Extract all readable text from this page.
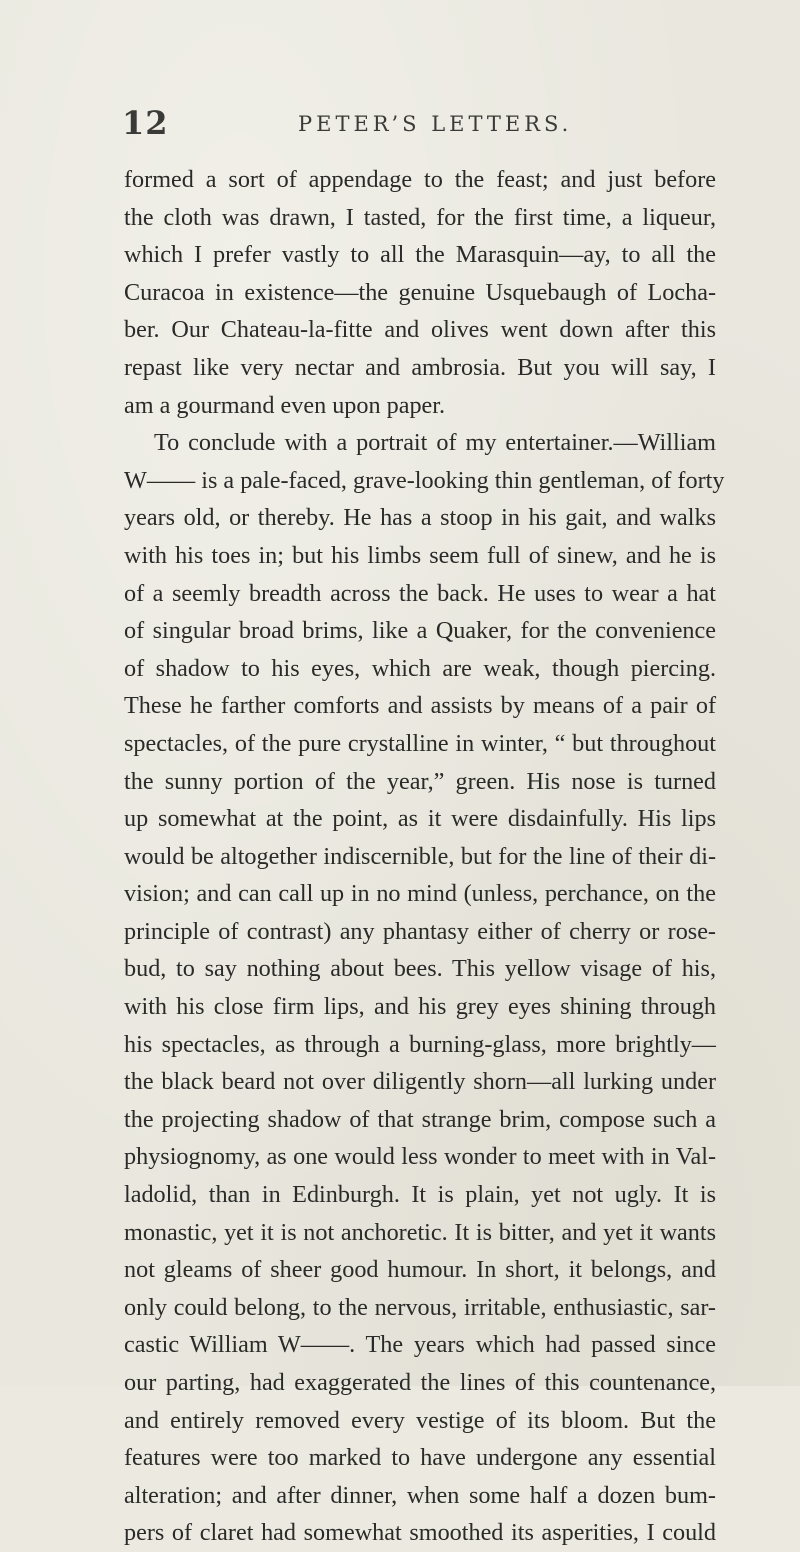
12	PETER’S LETTERS.
formed a sort of appendage to the feast; and just before
the cloth was drawn, I tasted, for the first time, a liqueur,
which I prefer vastly to all the Marasquin—ay, to all the
Curacoa in existence—the genuine Usquebaugh of Locha-
ber. Our Chateau-la-fitte and olives went down after this
repast like very nectar and ambrosia. But you will say, I
am a gourmand even upon paper.
To conclude with a portrait of my entertainer.—William
W—— is a pale-faced, grave-looking thin gentleman, of forty
years old, or thereby. He has a stoop in his gait, and walks
with his toes in; but his limbs seem full of sinew, and he is
of a seemly breadth across the back. He uses to wear a hat
of singular broad brims, like a Quaker, for the convenience
of shadow to his eyes, which are weak, though piercing.
These he farther comforts and assists by means of a pair of
spectacles, of the pure crystalline in winter, “ but throughout
the sunny portion of the year,” green. His nose is turned
up somewhat at the point, as it were disdainfully. His lips
would be altogether indiscernible, but for the line of their di-
vision; and can call up in no mind (unless, perchance, on the
principle of contrast) any phantasy either of cherry or rose-
bud, to say nothing about bees. This yellow visage of his,
with his close firm lips, and his grey eyes shining through
his spectacles, as through a burning-glass, more brightly—
the black beard not over diligently shorn—all lurking under
the projecting shadow of that strange brim, compose such a
physiognomy, as one would less wonder to meet with in Val-
ladolid, than in Edinburgh. It is plain, yet not ugly. It is
monastic, yet it is not anchoretic. It is bitter, and yet it wants
not gleams of sheer good humour. In short, it belongs, and
only could belong, to the nervous, irritable, enthusiastic, sar-
castic William W——. The years which had passed since
our parting, had exaggerated the lines of this countenance,
and entirely removed every vestige of its bloom. But the
features were too marked to have undergone any essential
alteration; and after dinner, when some half a dozen bum-
pers of claret had somewhat smoothed its asperities, I could
